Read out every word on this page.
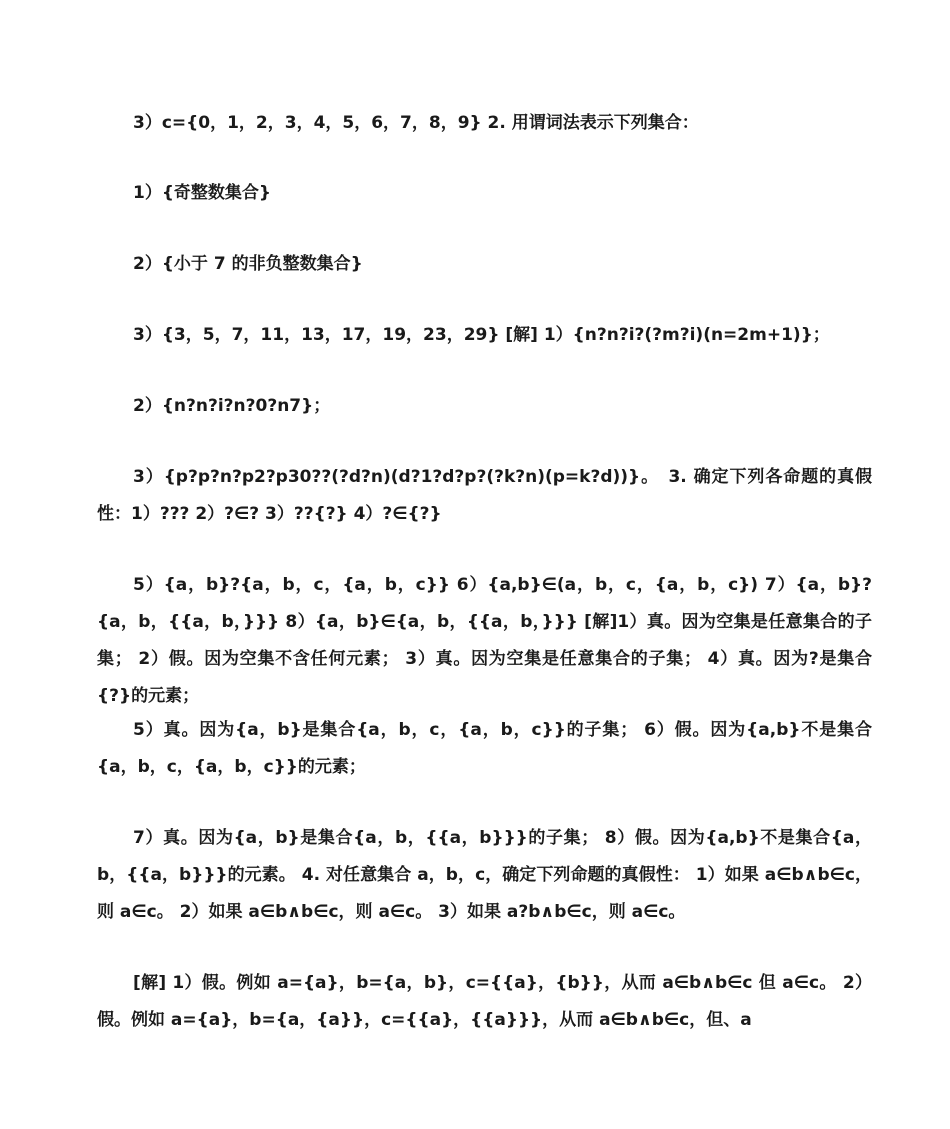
3）c={0，1，2，3，4，5，6，7，8，9} 2. 用谓词法表示下列集合：

1）{奇整数集合}

2）{小于 7 的非负整数集合}

3）{3，5，7，11，13，17，19，23，29} [解] 1）{n?n?i?(?m?i)(n=2m+1)}；

2）{n?n?i?n?0?n7}；

3）{p?p?n?p2?p30??(?d?n)(d?1?d?p?(?k?n)(p=k?d))}。　3. 确定下列各命题的真假性：1）??? 2）?∈? 3）??{?} 4）?∈{?}

5）{a，b}?{a，b，c，{a，b，c}} 6）{a,b}∈(a，b，c，{a，b，c}) 7）{a，b}?{a，b，{{a，b，}}} 8）{a，b}∈{a，b，{{a，b，}}} [解]1）真。因为空集是任意集合的子集； 2）假。因为空集不含任何元素； 3）真。因为空集是任意集合的子集； 4）真。因为?是集合{?}的元素；

5）真。因为{a，b}是集合{a，b，c，{a，b，c}}的子集； 6）假。因为{a,b}不是集合{a，b，c，{a，b，c}}的元素；

7）真。因为{a，b}是集合{a，b，{{a，b}}}的子集； 8）假。因为{a,b}不是集合{a，b，{{a，b}}}的元素。 4. 对任意集合 a，b，c，确定下列命题的真假性： 1）如果 a∈b∧b∈c，则 a∈c。 2）如果 a∈b∧b∈c，则 a∈c。 3）如果 a?b∧b∈c，则 a∈c。

[解] 1）假。例如 a={a}，b={a，b}，c={{a}，{b}}，从而 a∈b∧b∈c 但 a∈c。 2）假。例如 a={a}，b={a，{a}}，c={{a}，{{a}}}，从而 a∈b∧b∈c，但、a
